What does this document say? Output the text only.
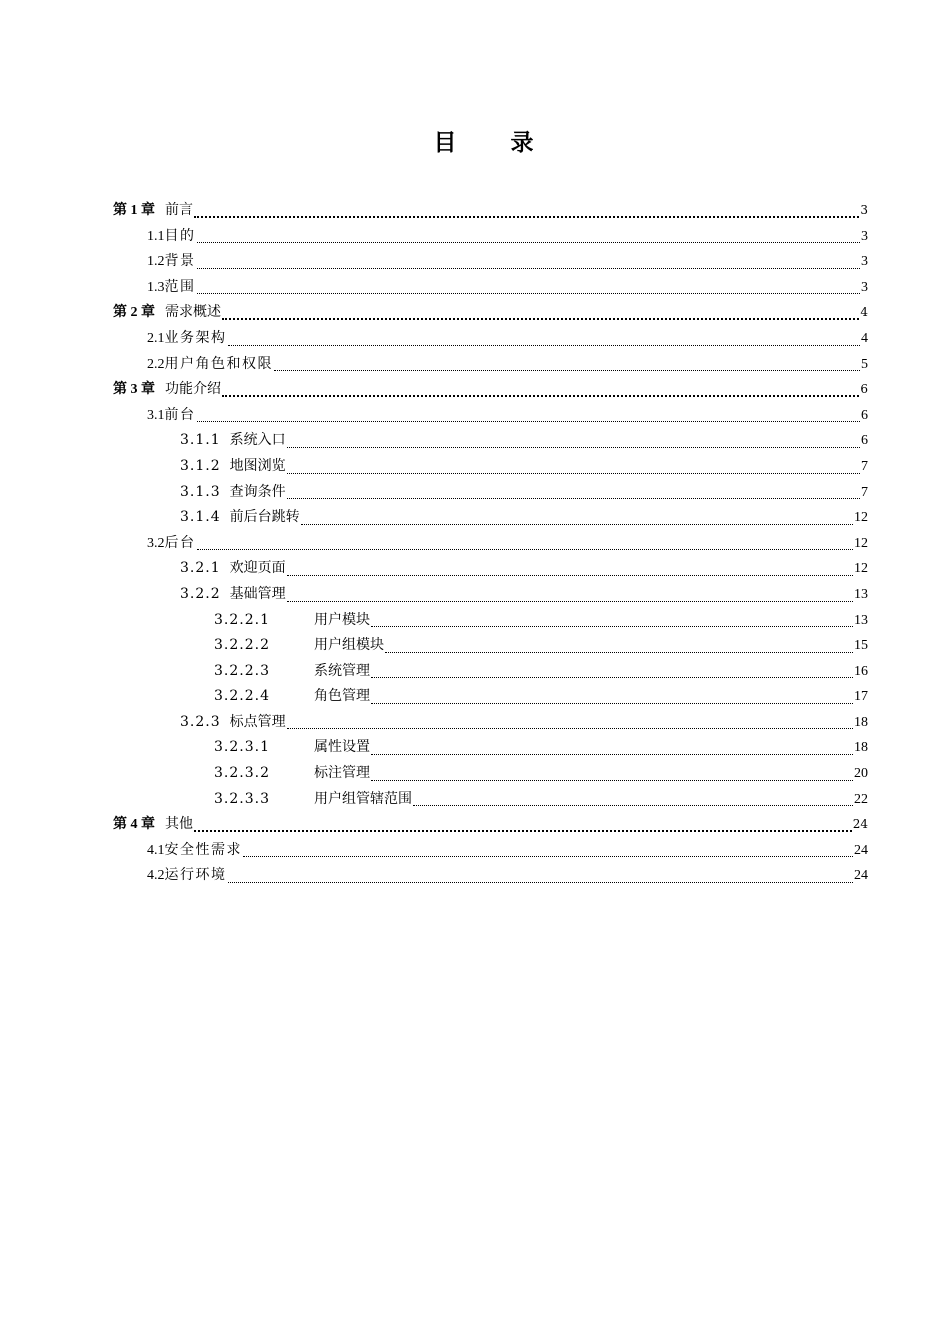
目 录
第 1 章 前言	3
1.1 目的	3
1.2 背景	3
1.3 范围	3
第 2 章 需求概述	4
2.1 业务架构	4
2.2 用户角色和权限	5
第 3 章 功能介绍	6
3.1 前台	6
3.1.1 系统入口	6
3.1.2 地图浏览	7
3.1.3 查询条件	7
3.1.4 前后台跳转	12
3.2 后台	12
3.2.1 欢迎页面	12
3.2.2 基础管理	13
3.2.2.1	用户模块	13
3.2.2.2	用户组模块	15
3.2.2.3	系统管理	16
3.2.2.4	角色管理	17
3.2.3 标点管理	18
3.2.3.1	属性设置	18
3.2.3.2	标注管理	20
3.2.3.3	用户组管辖范围	22
第 4 章 其他	24
4.1 安全性需求	24
4.2 运行环境	24
